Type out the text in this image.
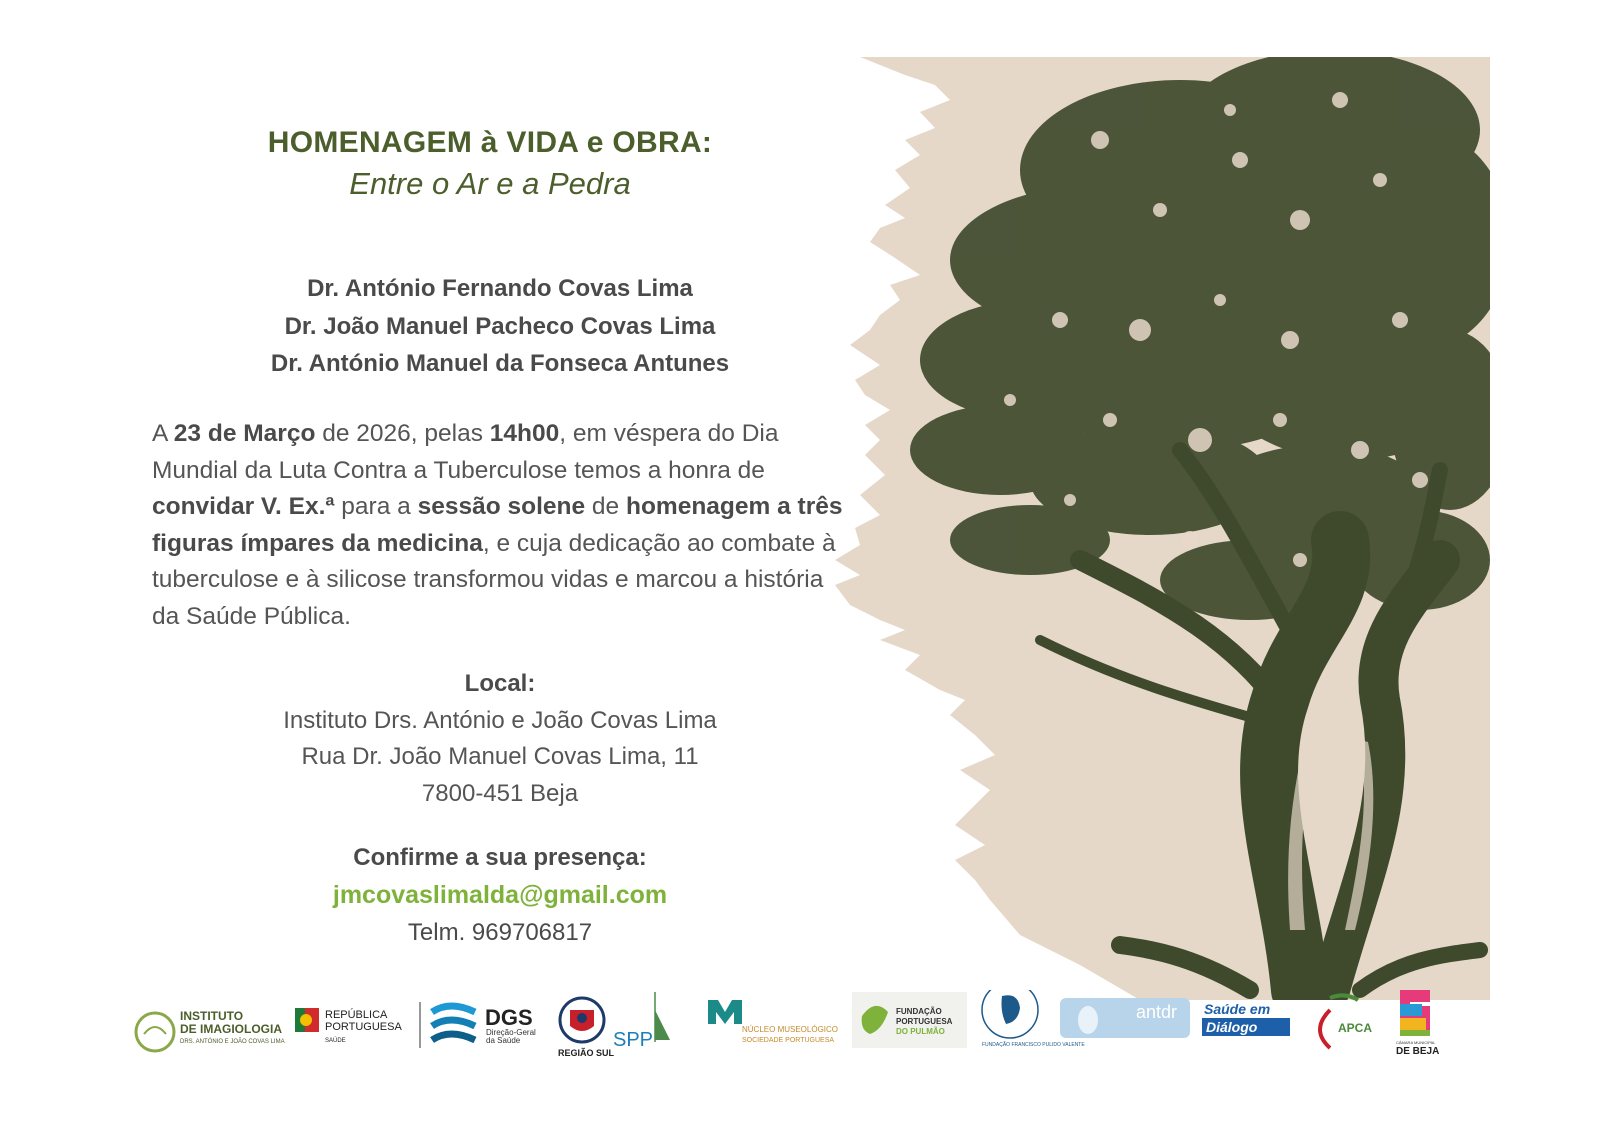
HOMENAGEM à VIDA e OBRA:
Entre o Ar e a Pedra
Dr. António Fernando Covas Lima
Dr. João Manuel Pacheco Covas Lima
Dr. António Manuel da Fonseca Antunes
A 23 de Março de 2026, pelas 14h00, em véspera do Dia Mundial da Luta Contra a Tuberculose temos a honra de convidar V. Ex.ª para a sessão solene de homenagem a três figuras ímpares da medicina, e cuja dedicação ao combate à tuberculose e à silicose transformou vidas e marcou a história da Saúde Pública.
Local:
Instituto Drs. António e João Covas Lima
Rua Dr. João Manuel Covas Lima, 11
7800-451 Beja
Confirme a sua presença:
jmcovaslimalda@gmail.com
Telm. 969706817
INSTITUTO
DE IMAGIOLOGIA
DRS. ANTÓNIO E JOÃO COVAS LIMA
REPÚBLICA
PORTUGUESA
SAÚDE
DGS
Direção-Geral
da Saúde
REGIÃO SUL
SPP	NÚCLEO MUSEOLÓGICO
SOCIEDADE PORTUGUESA
FUNDAÇÃO
PORTUGUESA
DO PULMÃO
FUNDAÇÃO FRANCISCO PULIDO VALENTE
antdr Saúde em
Diálogo	APCA
CÂMARA MUNICIPAL
DE BEJA
